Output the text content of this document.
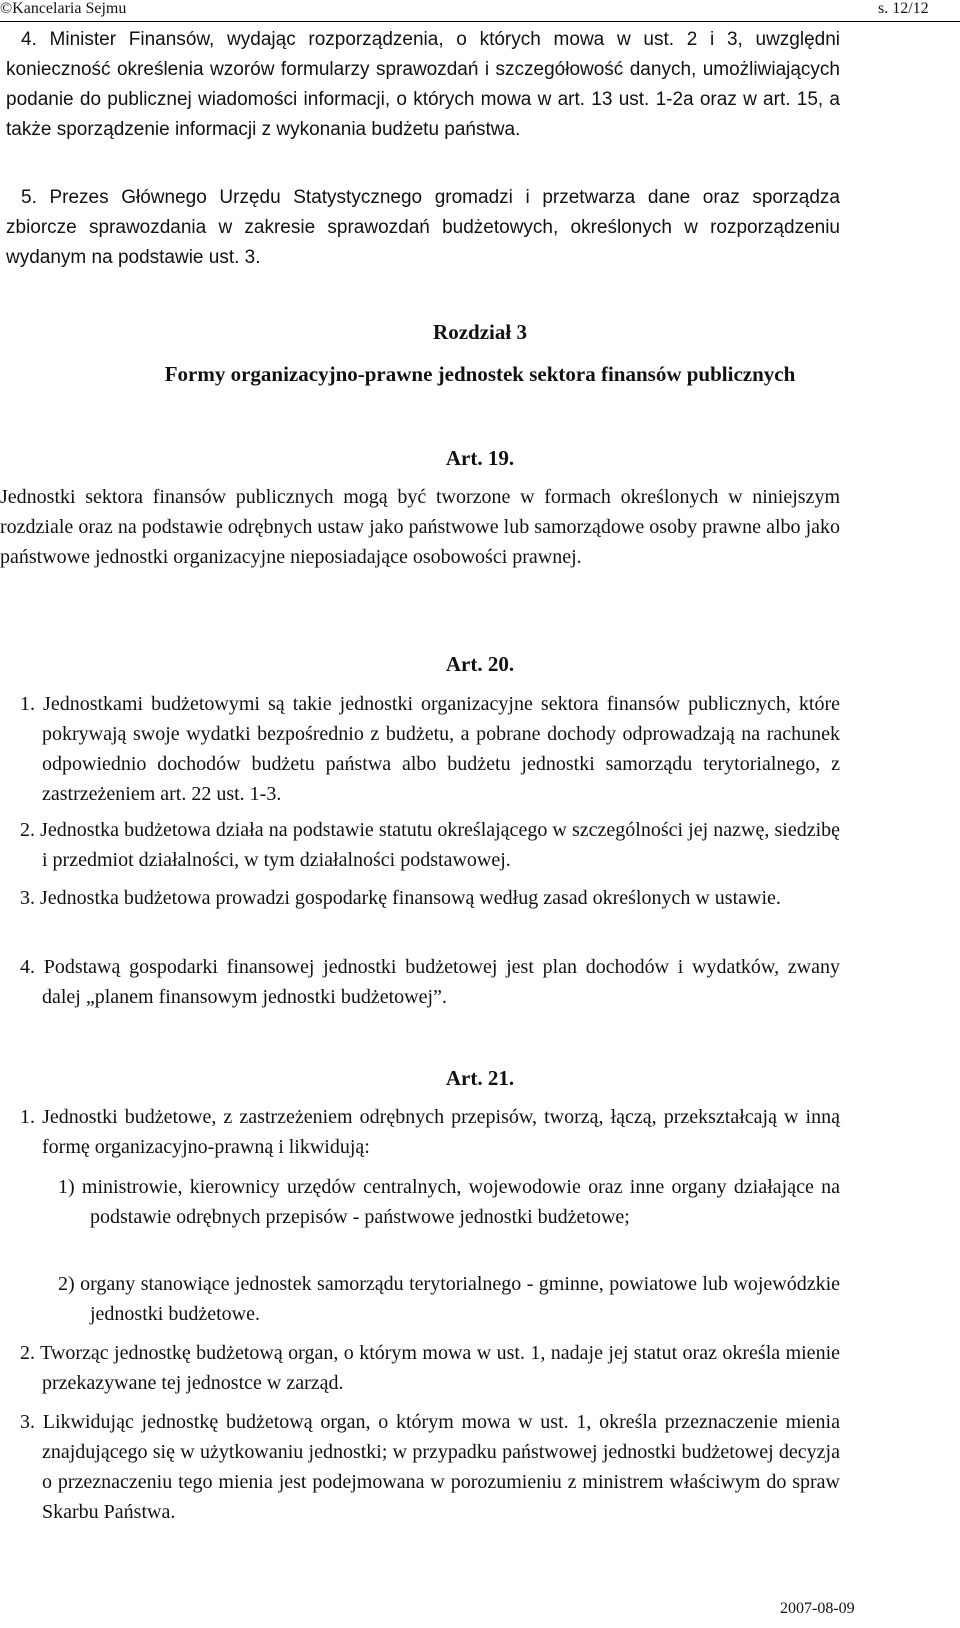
©Kancelaria Sejmu	s. 12/12

4. Minister Finansów, wydając rozporządzenia, o których mowa w ust. 2 i 3, uwzględni konieczność określenia wzorów formularzy sprawozdań i szczegółowość danych, umożliwiających podanie do publicznej wiadomości informacji, o których mowa w art. 13 ust. 1-2a oraz w art. 15, a także sporządzenie informacji z wykonania budżetu państwa.

5. Prezes Głównego Urzędu Statystycznego gromadzi i przetwarza dane oraz sporządza zbiorcze sprawozdania w zakresie sprawozdań budżetowych, określonych w rozporządzeniu wydanym na podstawie ust. 3.

Rozdział 3

Formy organizacyjno-prawne jednostek sektora finansów publicznych

Art. 19.

Jednostki sektora finansów publicznych mogą być tworzone w formach określonych w niniejszym rozdziale oraz na podstawie odrębnych ustaw jako państwowe lub samorządowe osoby prawne albo jako państwowe jednostki organizacyjne nieposiadające osobowości prawnej.

Art. 20.

1. Jednostkami budżetowymi są takie jednostki organizacyjne sektora finansów publicznych, które pokrywają swoje wydatki bezpośrednio z budżetu, a pobrane dochody odprowadzają na rachunek odpowiednio dochodów budżetu państwa albo budżetu jednostki samorządu terytorialnego, z zastrzeżeniem art. 22 ust. 1-3.

2. Jednostka budżetowa działa na podstawie statutu określającego w szczególności jej nazwę, siedzibę i przedmiot działalności, w tym działalności podstawowej.

3. Jednostka budżetowa prowadzi gospodarkę finansową według zasad określonych w ustawie.

4. Podstawą gospodarki finansowej jednostki budżetowej jest plan dochodów i wydatków, zwany dalej „planem finansowym jednostki budżetowej”.

Art. 21.

1. Jednostki budżetowe, z zastrzeżeniem odrębnych przepisów, tworzą, łączą, przekształcają w inną formę organizacyjno-prawną i likwidują:

1) ministrowie, kierownicy urzędów centralnych, wojewodowie oraz inne organy działające na podstawie odrębnych przepisów - państwowe jednostki budżetowe;

2) organy stanowiące jednostek samorządu terytorialnego - gminne, powiatowe lub wojewódzkie jednostki budżetowe.

2. Tworząc jednostkę budżetową organ, o którym mowa w ust. 1, nadaje jej statut oraz określa mienie przekazywane tej jednostce w zarząd.

3. Likwidując jednostkę budżetową organ, o którym mowa w ust. 1, określa przeznaczenie mienia znajdującego się w użytkowaniu jednostki; w przypadku państwowej jednostki budżetowej decyzja o przeznaczeniu tego mienia jest podejmowana w porozumieniu z ministrem właściwym do spraw Skarbu Państwa.

2007-08-09
